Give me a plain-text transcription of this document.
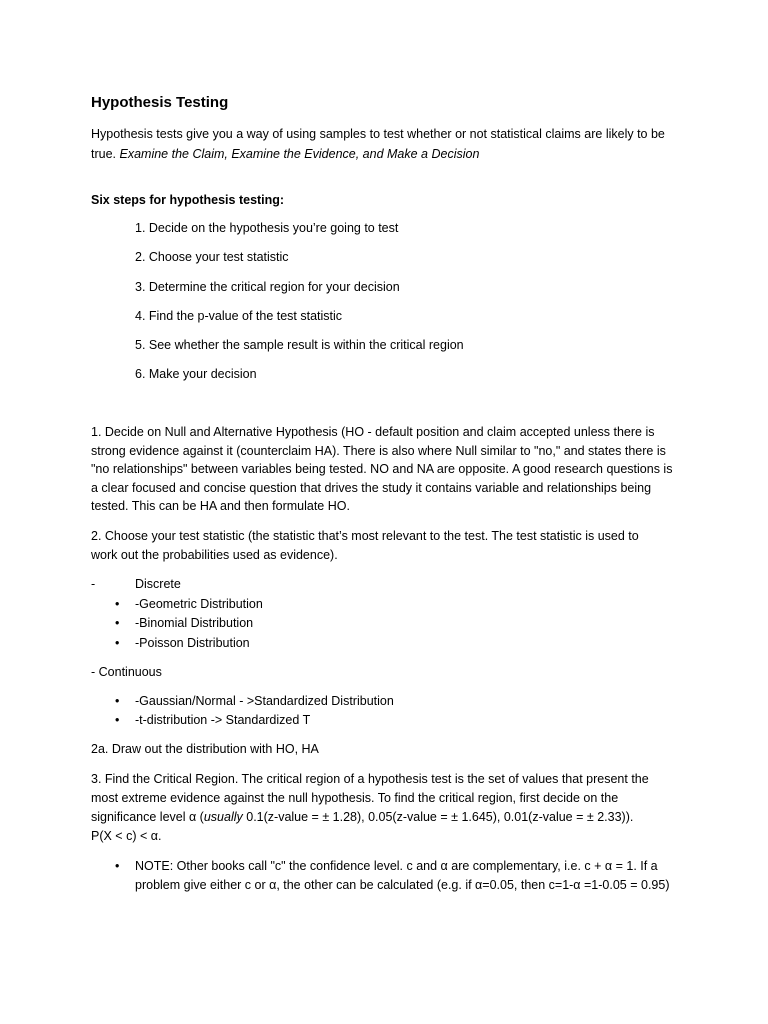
Hypothesis Testing
Hypothesis tests give you a way of using samples to test whether or not statistical claims are likely to be
true. Examine the Claim, Examine the Evidence, and Make a Decision
Six steps for hypothesis testing:
1. Decide on the hypothesis you’re going to test
2. Choose your test statistic
3. Determine the critical region for your decision
4. Find the p-value of the test statistic
5. See whether the sample result is within the critical region
6. Make your decision
1. Decide on Null and Alternative Hypothesis (HO - default position and claim accepted unless there is
strong evidence against it (counterclaim HA). There is also where Null similar to "no," and states there is
"no relationships" between variables being tested. NO and NA are opposite. A good research questions is
a clear focused and concise question that drives the study it contains variable and relationships being
tested. This can be HA and then formulate HO.
2. Choose your test statistic (the statistic that’s most relevant to the test. The test statistic is used to
work out the probabilities used as evidence).
-	Discrete
•
-Geometric Distribution
•
-Binomial Distribution
•
-Poisson Distribution
- Continuous
•
-Gaussian/Normal - >Standardized Distribution
•
-t-distribution -> Standardized T
2a. Draw out the distribution with HO, HA
3. Find the Critical Region. The critical region of a hypothesis test is the set of values that present the
most extreme evidence against the null hypothesis. To find the critical region, first decide on the
significance level α (usually 0.1(z-value = ± 1.28), 0.05(z-value = ± 1.645), 0.01(z-value = ± 2.33)).
P(X < c) < α.
•
NOTE: Other books call "c" the confidence level. c and α are complementary, i.e. c + α = 1. If a
problem give either c or α, the other can be calculated (e.g. if α=0.05, then c=1-α =1-0.05 = 0.95)
